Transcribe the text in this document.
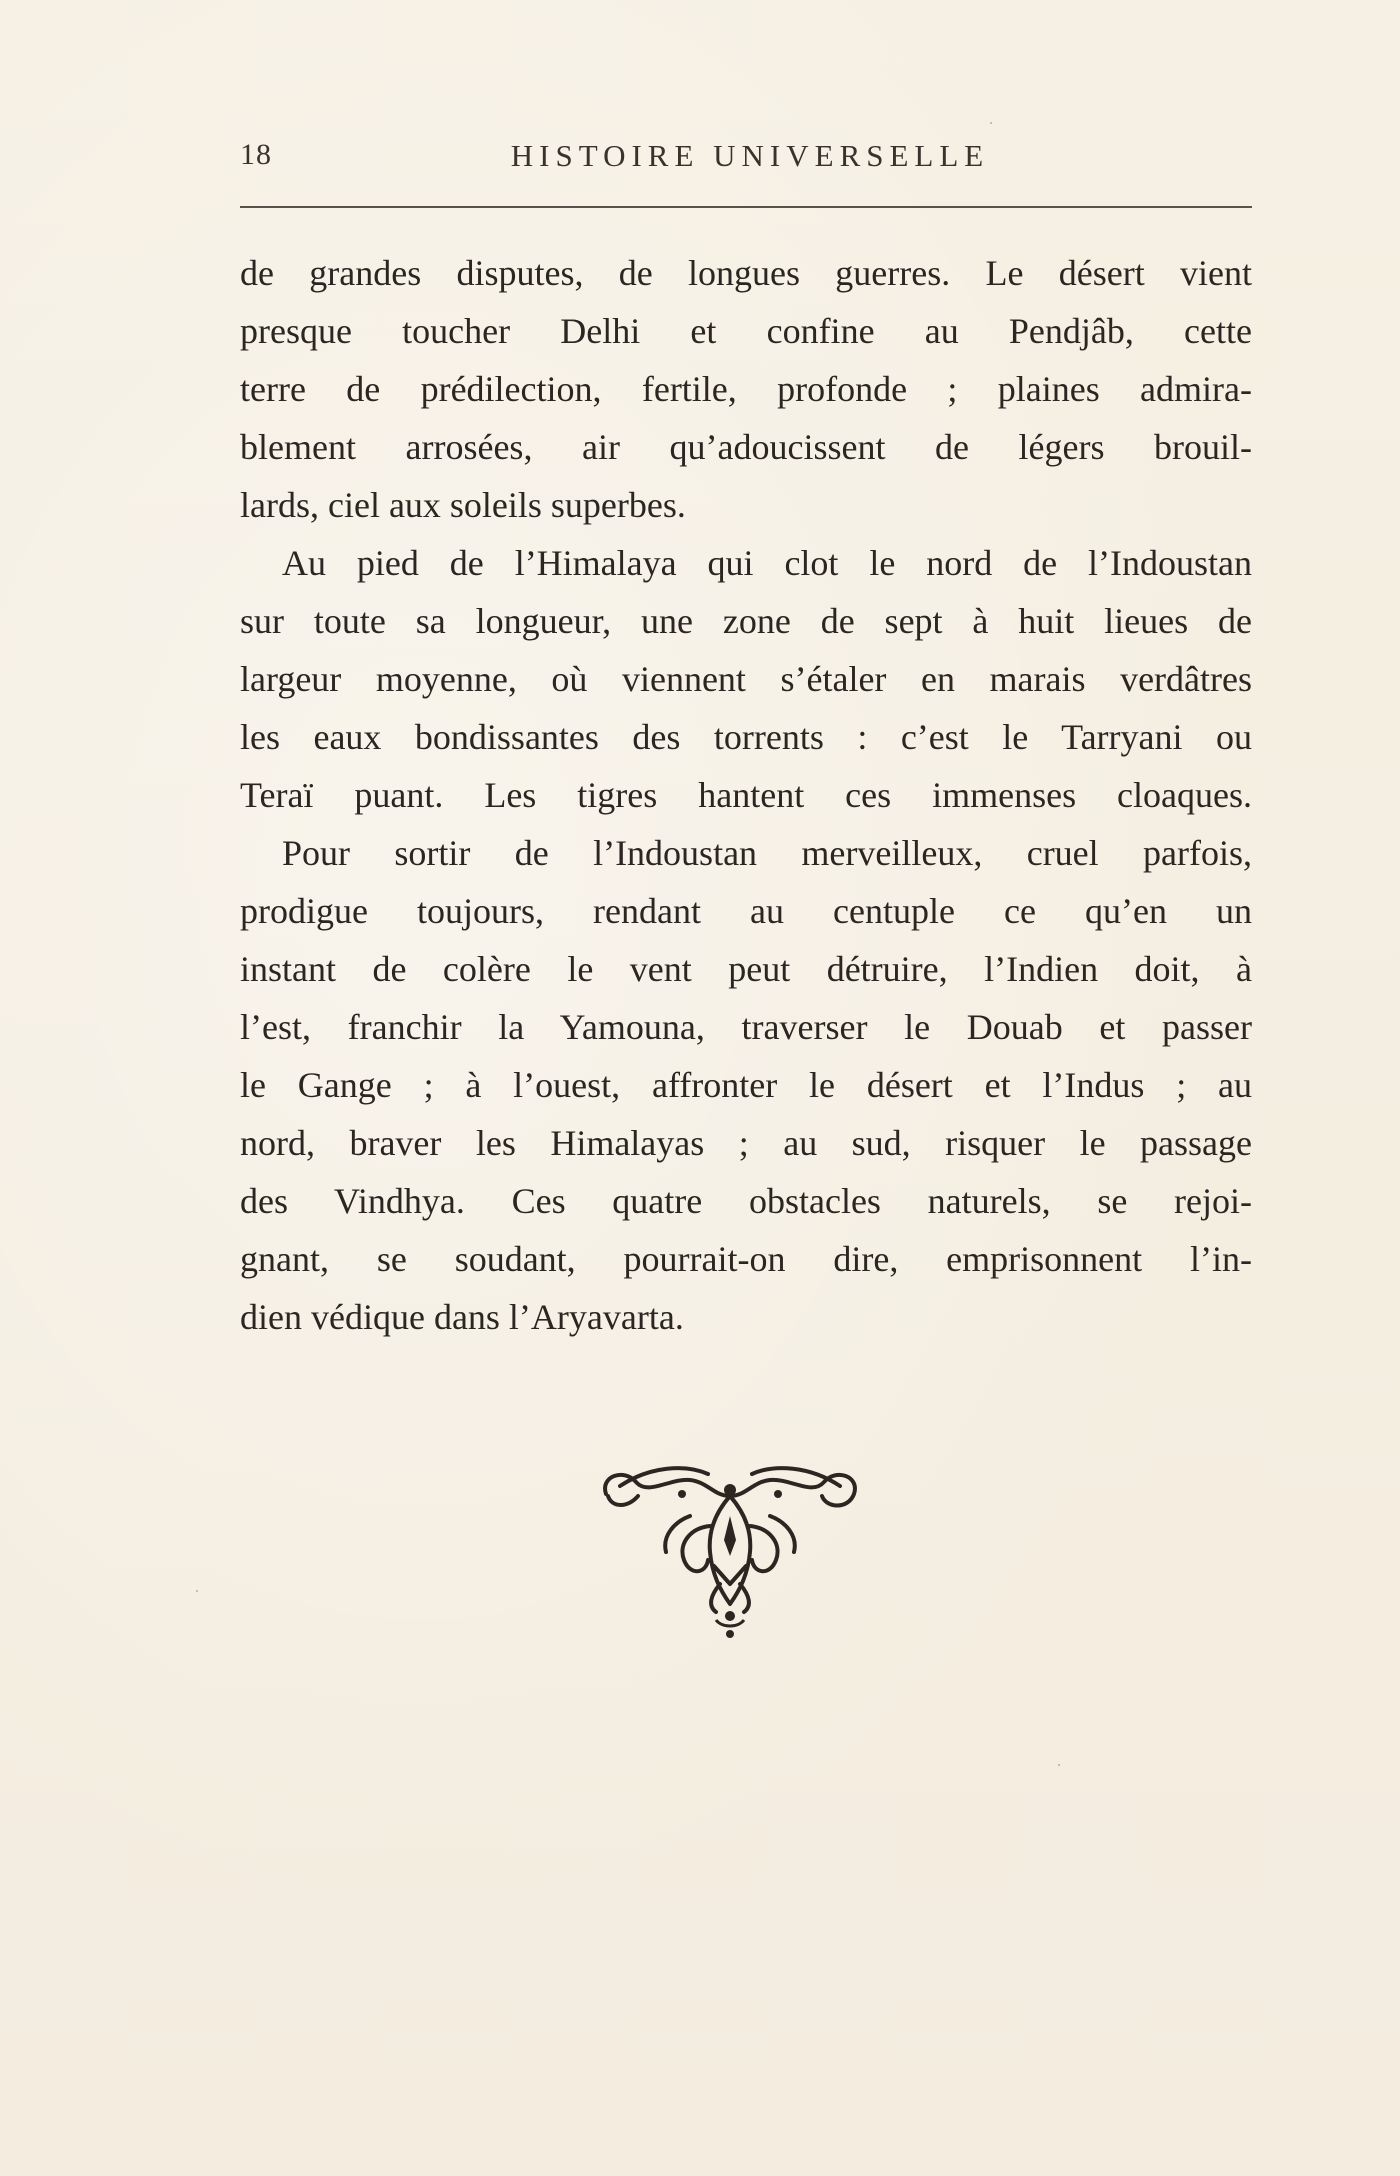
18	HISTOIRE UNIVERSELLE
de grandes disputes, de longues guerres. Le désert vient
presque toucher Delhi et confine au Pendjâb, cette
terre de prédilection, fertile, profonde ; plaines admira-
blement arrosées, air qu’adoucissent de légers brouil-
lards, ciel aux soleils superbes.
Au pied de l’Himalaya qui clot le nord de l’Indoustan
sur toute sa longueur, une zone de sept à huit lieues de
largeur moyenne, où viennent s’étaler en marais verdâtres
les eaux bondissantes des torrents : c’est le Tarryani ou
Teraï puant. Les tigres hantent ces immenses cloaques.
Pour sortir de l’Indoustan merveilleux, cruel parfois,
prodigue toujours, rendant au centuple ce qu’en un
instant de colère le vent peut détruire, l’Indien doit, à
l’est, franchir la Yamouna, traverser le Douab et passer
le Gange ; à l’ouest, affronter le désert et l’Indus ; au
nord, braver les Himalayas ; au sud, risquer le passage
des Vindhya. Ces quatre obstacles naturels, se rejoi-
gnant, se soudant, pourrait-on dire, emprisonnent l’in-
dien védique dans l’Aryavarta.
